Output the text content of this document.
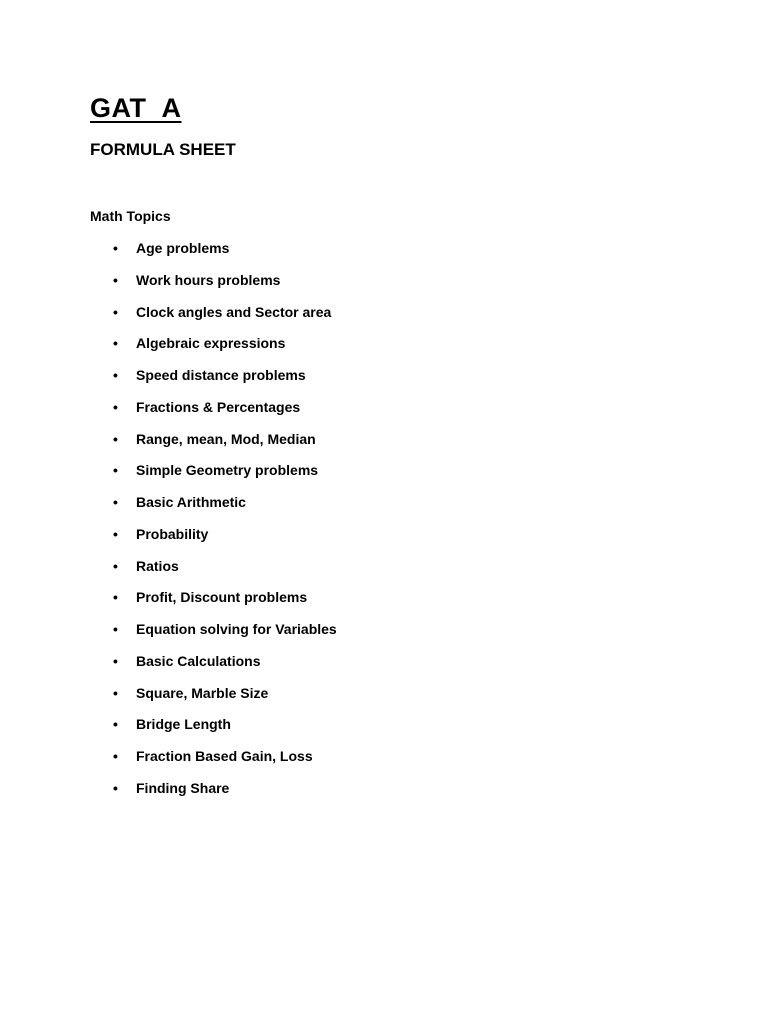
GAT  A
FORMULA SHEET
Math Topics
• Age problems
• Work hours problems
• Clock angles and Sector area
• Algebraic expressions
• Speed distance problems
• Fractions & Percentages
• Range, mean, Mod, Median
• Simple Geometry problems
• Basic Arithmetic
• Probability
• Ratios
• Profit, Discount problems
• Equation solving for Variables
• Basic Calculations
• Square, Marble Size
• Bridge Length
• Fraction Based Gain, Loss
• Finding Share
